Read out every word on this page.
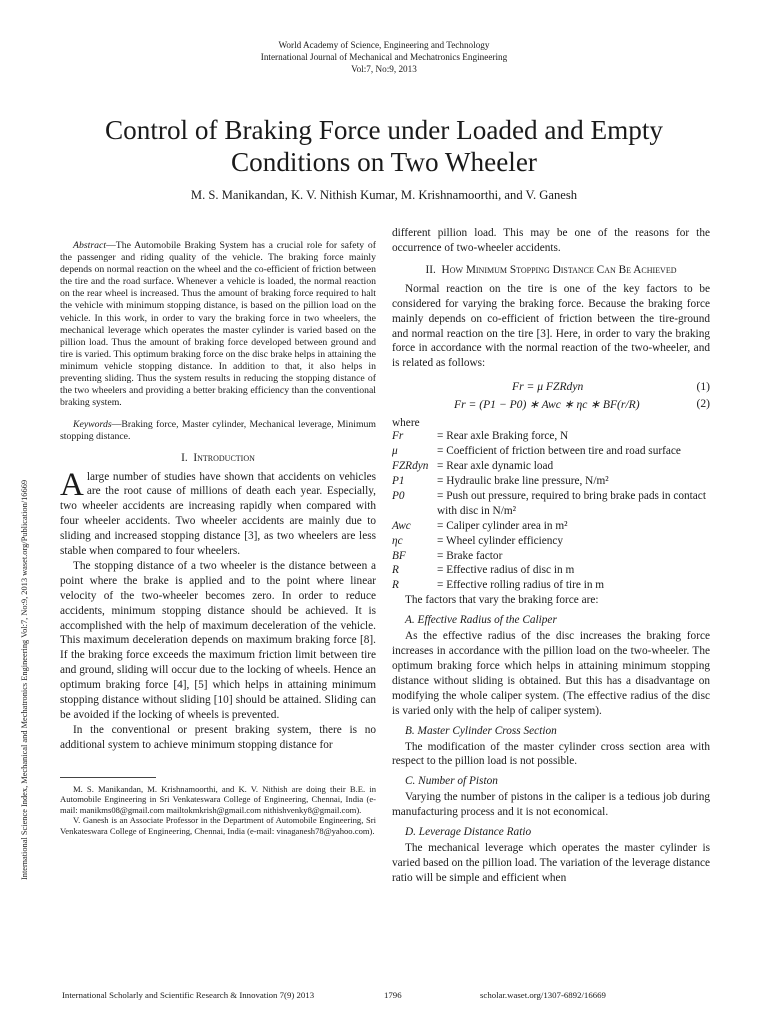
World Academy of Science, Engineering and Technology
International Journal of Mechanical and Mechatronics Engineering
Vol:7, No:9, 2013
Control of Braking Force under Loaded and Empty
Conditions on Two Wheeler
M. S. Manikandan, K. V. Nithish Kumar, M. Krishnamoorthi, and V. Ganesh
International Science Index, Mechanical and Mechatronics Engineering Vol:7, No:9, 2013 waset.org/Publication/16669

Abstract—The Automobile Braking System has a crucial role for safety of the passenger and riding quality of the vehicle. The braking force mainly depends on normal reaction on the wheel and the co-efficient of friction between the tire and the road surface. Whenever a vehicle is loaded, the normal reaction on the rear wheel is increased. Thus the amount of braking force required to halt the vehicle with minimum stopping distance, is based on the pillion load on the vehicle. In this work, in order to vary the braking force in two wheelers, the mechanical leverage which operates the master cylinder is varied based on the pillion load. Thus the amount of braking force developed between ground and tire is varied. This optimum braking force on the disc brake helps in attaining the minimum vehicle stopping distance. In addition to that, it also helps in preventing sliding. Thus the system results in reducing the stopping distance of the two wheelers and providing a better braking efficiency than the conventional braking system.

Keywords—Braking force, Master cylinder, Mechanical leverage, Minimum stopping distance.

I. Introduction

Alarge number of studies have shown that accidents on vehicles are the root cause of millions of death each year. Especially, two wheeler accidents are increasing rapidly when compared with four wheeler accidents. Two wheeler accidents are mainly due to sliding and increased stopping distance [3], as two wheelers are less stable when compared to four wheelers.

The stopping distance of a two wheeler is the distance between a point where the brake is applied and to the point where linear velocity of the two-wheeler becomes zero. In order to reduce accidents, minimum stopping distance should be achieved. It is accomplished with the help of maximum deceleration of the vehicle. This maximum deceleration depends on maximum braking force [8]. If the braking force exceeds the maximum friction limit between tire and ground, sliding will occur due to the locking of wheels. Hence an optimum braking force [4], [5] which helps in attaining minimum stopping distance without sliding [10] should be attained. Sliding can be avoided if the locking of wheels is prevented.

In the conventional or present braking system, there is no additional system to achieve minimum stopping distance for

M. S. Manikandan, M. Krishnamoorthi, and K. V. Nithish are doing their B.E. in Automobile Engineering in Sri Venkateswara College of Engineering, Chennai, India (e-mail: manikms08@gmail.com mailtokmkrish@gmail.com nithishvenky8@gmail.com).

V. Ganesh is an Associate Professor in the Department of Automobile Engineering, Sri Venkateswara College of Engineering, Chennai, India (e-mail: vinaganesh78@yahoo.com).

different pillion load. This may be one of the reasons for the occurrence of two-wheeler accidents.

II. How Minimum Stopping Distance Can Be Achieved

Normal reaction on the tire is one of the key factors to be considered for varying the braking force. Because the braking force mainly depends on co-efficient of friction between the tire-ground and normal reaction on the tire [3]. Here, in order to vary the braking force in accordance with the normal reaction of the two-wheeler, and is related as follows:

Fr = μ FZRdyn	(1)
Fr = (P1 − P0) ∗ Awc ∗ ηc ∗ BF(r/R)	(2)
where
Fr	= Rear axle Braking force, N
μ	= Coefficient of friction between tire and road surface
FZRdyn = Rear axle dynamic load
P1	= Hydraulic brake line pressure, N/m²
P0	= Push out pressure, required to bring brake pads in contact with disc in N/m²
Awc	= Caliper cylinder area in m²
ηc	= Wheel cylinder efficiency
BF	= Brake factor
R	= Effective radius of disc in m
R	= Effective rolling radius of tire in m

The factors that vary the braking force are:

A. Effective Radius of the Caliper

As the effective radius of the disc increases the braking force increases in accordance with the pillion load on the two-wheeler. The optimum braking force which helps in attaining minimum stopping distance without sliding is obtained. But this has a disadvantage on modifying the whole caliper system. (The effective radius of the disc is varied only with the help of caliper system).

B. Master Cylinder Cross Section

The modification of the master cylinder cross section area with respect to the pillion load is not possible.

C. Number of Piston

Varying the number of pistons in the caliper is a tedious job during manufacturing process and it is not economical.

D. Leverage Distance Ratio

The mechanical leverage which operates the master cylinder is varied based on the pillion load. The variation of the leverage distance ratio will be simple and efficient when

International Scholarly and Scientific Research & Innovation 7(9) 2013	1796	scholar.waset.org/1307-6892/16669
